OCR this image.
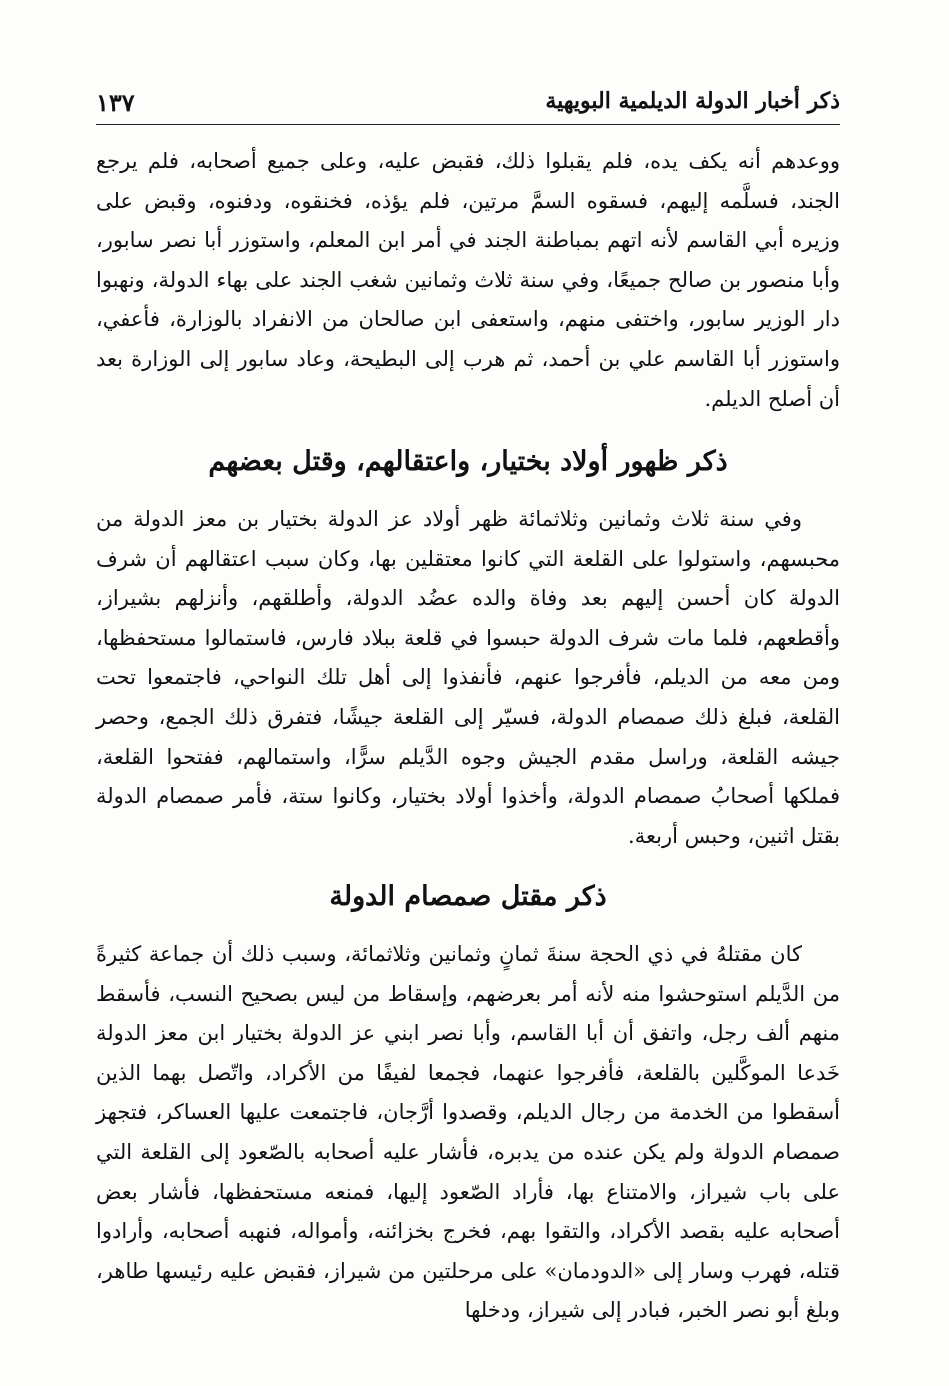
ذكر أخبار الدولة الديلمية البويهية
١٣٧

ووعدهم أنه يكف يده، فلم يقبلوا ذلك، فقبض عليه، وعلى جميع أصحابه، فلم يرجع الجند، فسلَّمه إليهم، فسقوه السمَّ مرتين، فلم يؤذه، فخنقوه، ودفنوه، وقبض على وزيره أبي القاسم لأنه اتهم بمباطنة الجند في أمر ابن المعلم، واستوزر أبا نصر سابور، وأبا منصور بن صالح جميعًا، وفي سنة ثلاث وثمانين شغب الجند على بهاء الدولة، ونهبوا دار الوزير سابور، واختفى منهم، واستعفى ابن صالحان من الانفراد بالوزارة، فأعفي، واستوزر أبا القاسم علي بن أحمد، ثم هرب إلى البطيحة، وعاد سابور إلى الوزارة بعد أن أصلح الديلم.

ذكر ظهور أولاد بختيار، واعتقالهم، وقتل بعضهم

وفي سنة ثلاث وثمانين وثلاثمائة ظهر أولاد عز الدولة بختيار بن معز الدولة من محبسهم، واستولوا على القلعة التي كانوا معتقلين بها، وكان سبب اعتقالهم أن شرف الدولة كان أحسن إليهم بعد وفاة والده عضُد الدولة، وأطلقهم، وأنزلهم بشيراز، وأقطعهم، فلما مات شرف الدولة حبسوا في قلعة ببلاد فارس، فاستمالوا مستحفظها، ومن معه من الديلم، فأفرجوا عنهم، فأنفذوا إلى أهل تلك النواحي، فاجتمعوا تحت القلعة، فبلغ ذلك صمصام الدولة، فسيّر إلى القلعة جيشًا، فتفرق ذلك الجمع، وحصر جيشه القلعة، وراسل مقدم الجيش وجوه الدَّيلم سرًّا، واستمالهم، ففتحوا القلعة، فملكها أصحابُ صمصام الدولة، وأخذوا أولاد بختيار، وكانوا ستة، فأمر صمصام الدولة بقتل اثنين، وحبس أربعة.

ذكر مقتل صمصام الدولة

كان مقتلهُ في ذي الحجة سنةَ ثمانٍ وثمانين وثلاثمائة، وسبب ذلك أن جماعة كثيرةً من الدَّيلم استوحشوا منه لأنه أمر بعرضهم، وإسقاط من ليس بصحيح النسب، فأسقط منهم ألف رجل، واتفق أن أبا القاسم، وأبا نصر ابني عز الدولة بختيار ابن معز الدولة خَدعا الموكَّلين بالقلعة، فأفرجوا عنهما، فجمعا لفيفًا من الأكراد، واتّصل بهما الذين أسقطوا من الخدمة من رجال الديلم، وقصدوا أرَّجان، فاجتمعت عليها العساكر، فتجهز صمصام الدولة ولم يكن عنده من يدبره، فأشار عليه أصحابه بالصّعود إلى القلعة التي على باب شيراز، والامتناع بها، فأراد الصّعود إليها، فمنعه مستحفظها، فأشار بعض أصحابه عليه بقصد الأكراد، والتقوا بهم، فخرج بخزائنه، وأمواله، فنهبه أصحابه، وأرادوا قتله، فهرب وسار إلى «الدودمان» على مرحلتين من شيراز، فقبض عليه رئيسها طاهر، وبلغ أبو نصر الخبر، فبادر إلى شيراز، ودخلها
